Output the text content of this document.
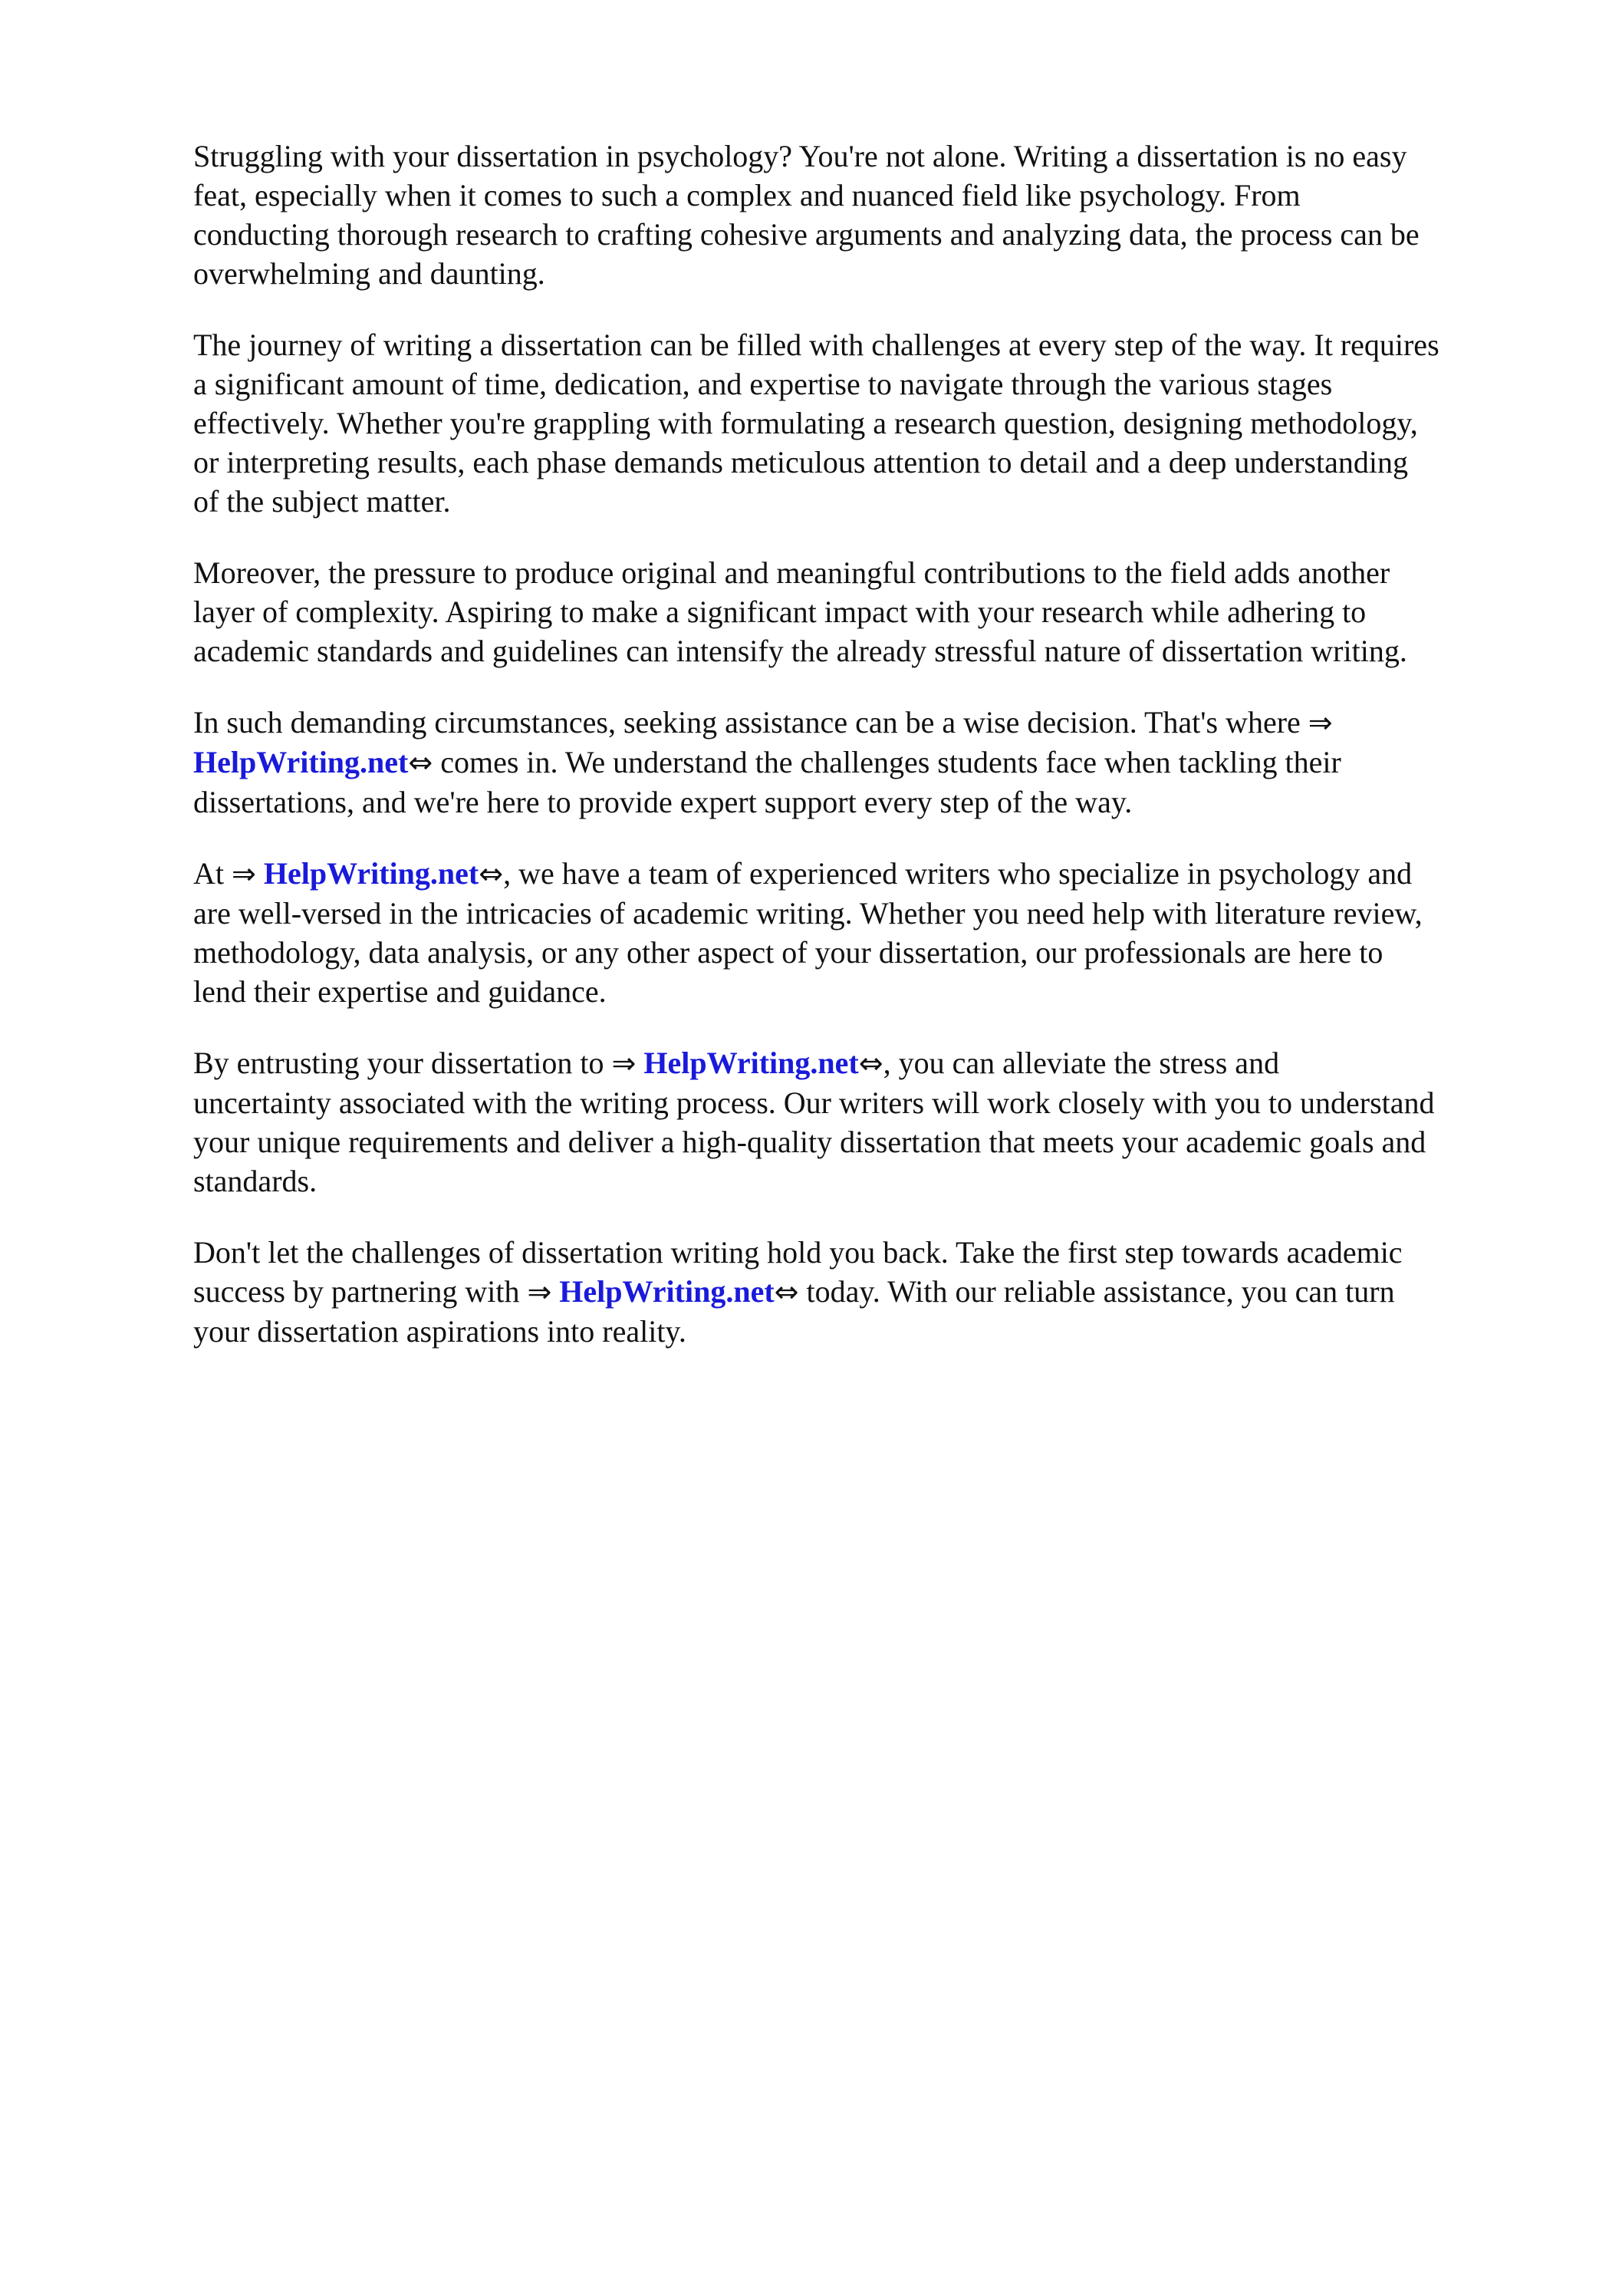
Struggling with your dissertation in psychology? You're not alone. Writing a dissertation is no easy
feat, especially when it comes to such a complex and nuanced field like psychology. From
conducting thorough research to crafting cohesive arguments and analyzing data, the process can be
overwhelming and daunting.

The journey of writing a dissertation can be filled with challenges at every step of the way. It requires
a significant amount of time, dedication, and expertise to navigate through the various stages
effectively. Whether you're grappling with formulating a research question, designing methodology,
or interpreting results, each phase demands meticulous attention to detail and a deep understanding
of the subject matter.

Moreover, the pressure to produce original and meaningful contributions to the field adds another
layer of complexity. Aspiring to make a significant impact with your research while adhering to
academic standards and guidelines can intensify the already stressful nature of dissertation writing.

In such demanding circumstances, seeking assistance can be a wise decision. That's where ⇒ HelpWriting.net⇔ comes in. We understand the challenges students face when tackling their
dissertations, and we're here to provide expert support every step of the way.

At ⇒ HelpWriting.net⇔, we have a team of experienced writers who specialize in psychology and
are well-versed in the intricacies of academic writing. Whether you need help with literature review,
methodology, data analysis, or any other aspect of your dissertation, our professionals are here to
lend their expertise and guidance.

By entrusting your dissertation to ⇒ HelpWriting.net⇔, you can alleviate the stress and
uncertainty associated with the writing process. Our writers will work closely with you to understand
your unique requirements and deliver a high-quality dissertation that meets your academic goals and
standards.

Don't let the challenges of dissertation writing hold you back. Take the first step towards academic
success by partnering with ⇒ HelpWriting.net⇔ today. With our reliable assistance, you can turn
your dissertation aspirations into reality.
